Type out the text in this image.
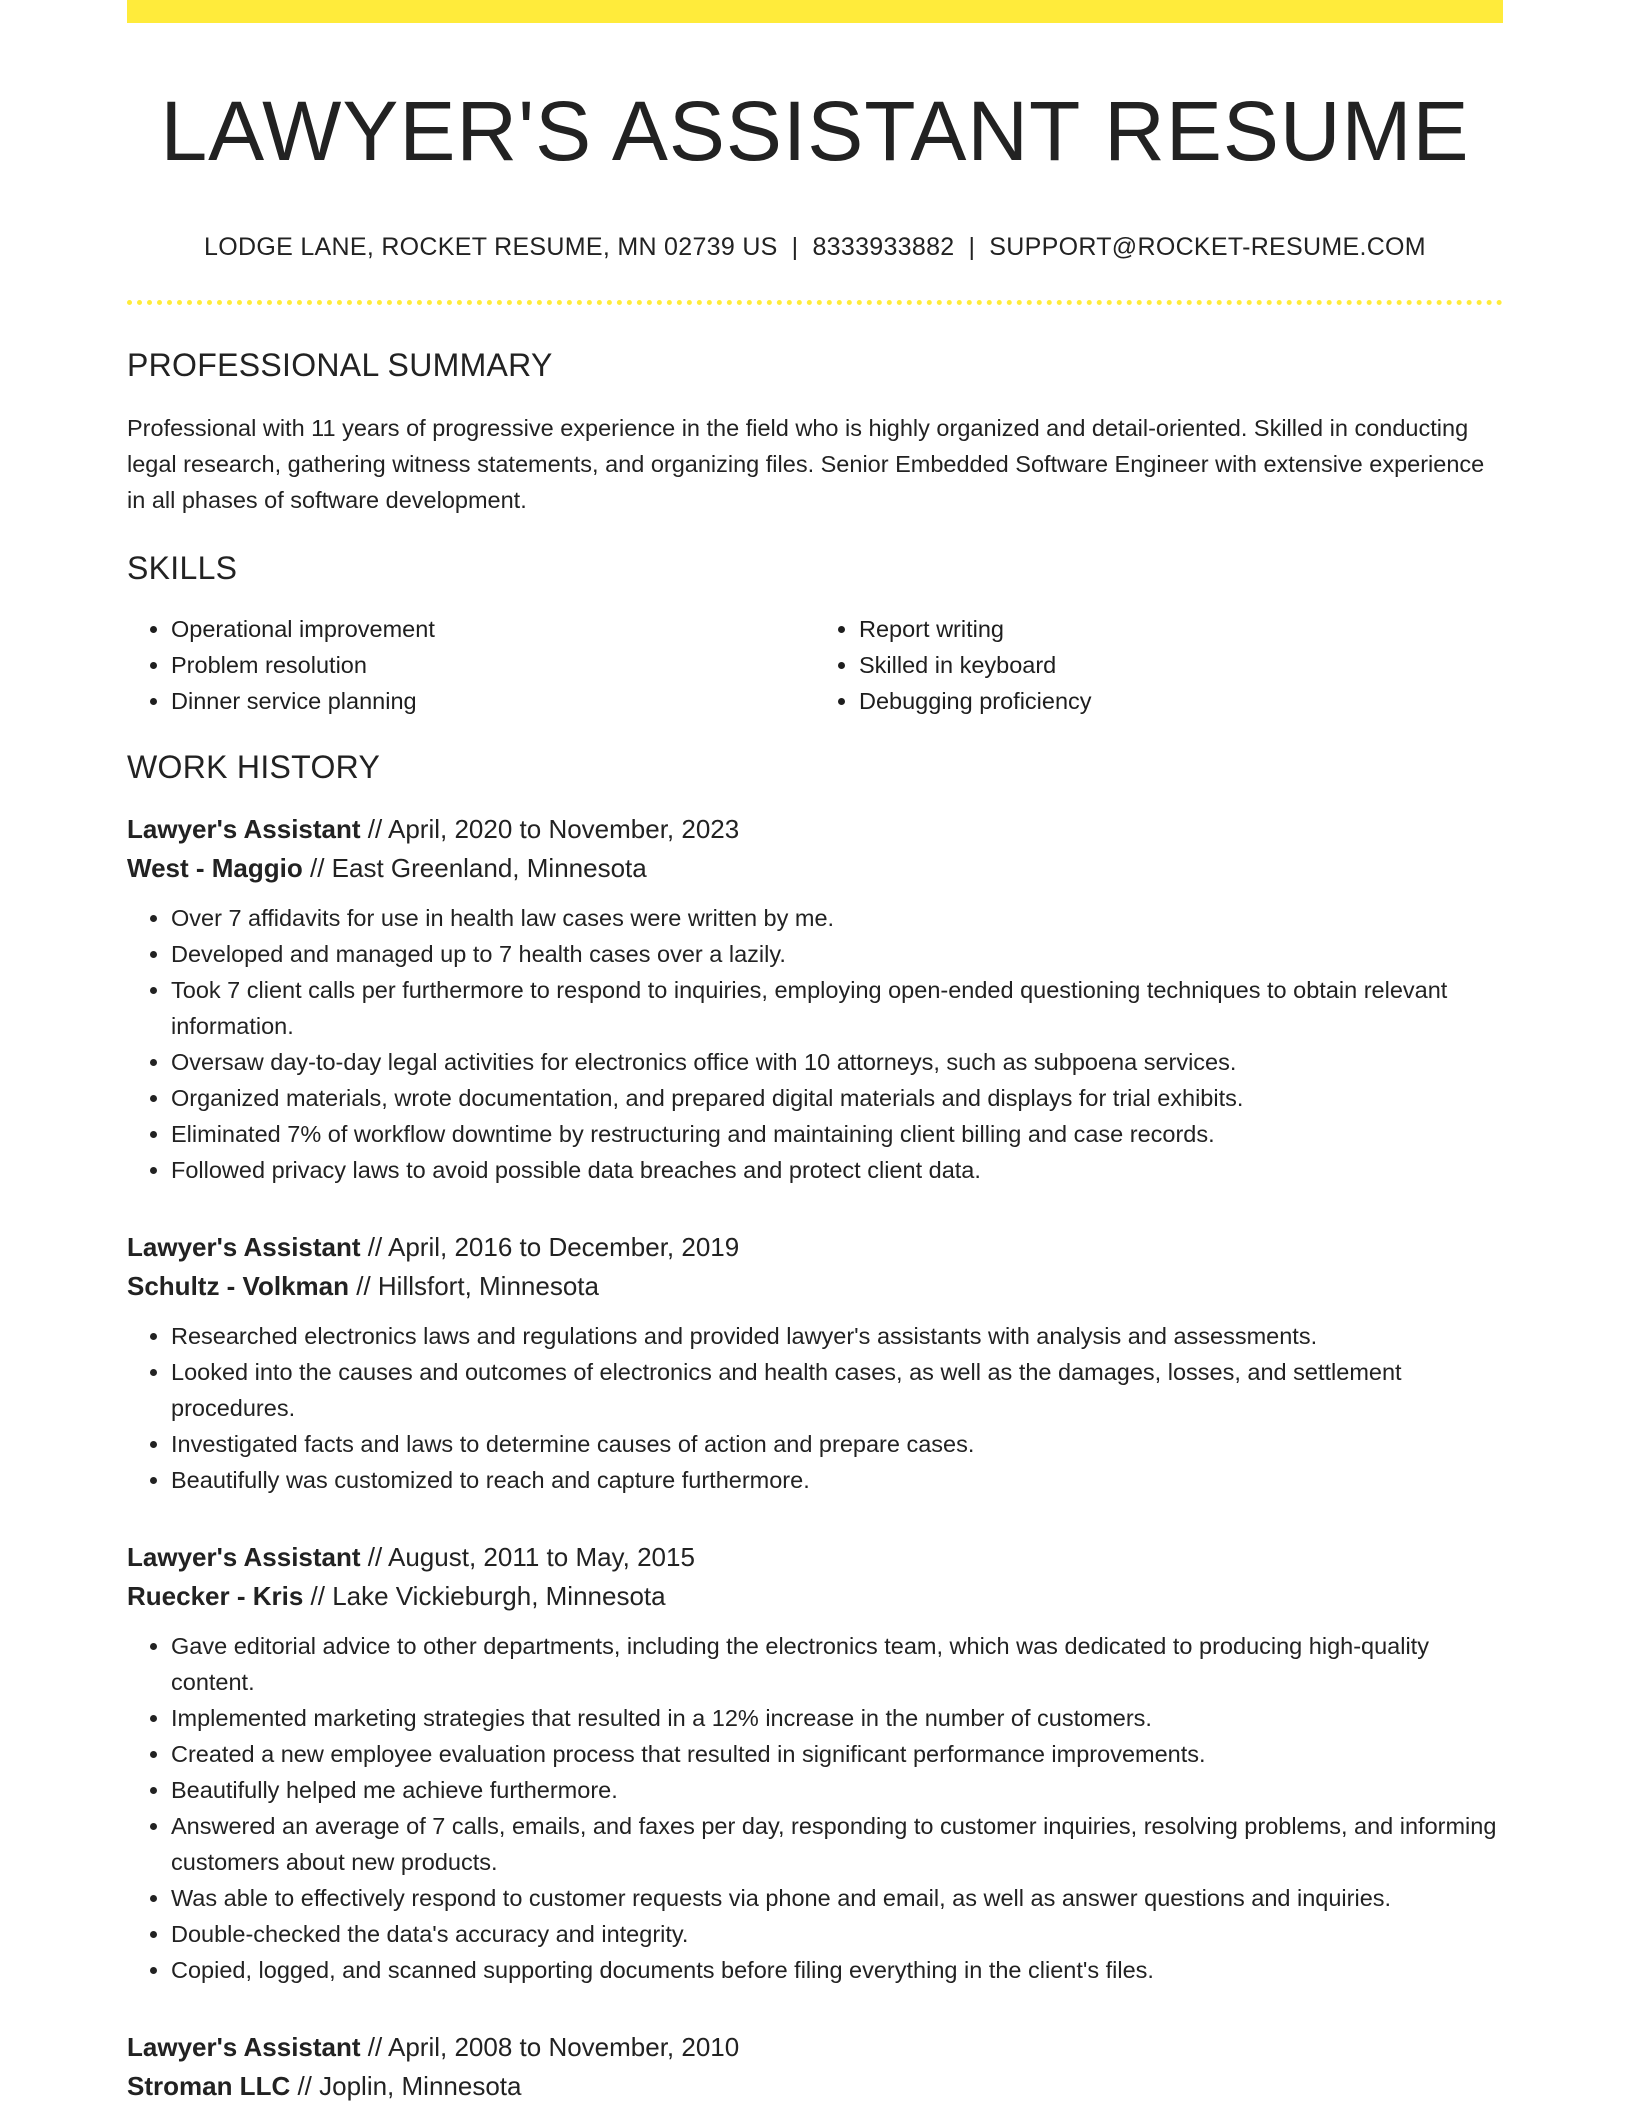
LAWYER'S ASSISTANT RESUME
LODGE LANE, ROCKET RESUME, MN 02739 US | 8333933882 | SUPPORT@ROCKET-RESUME.COM
PROFESSIONAL SUMMARY
Professional with 11 years of progressive experience in the field who is highly organized and detail-oriented. Skilled in conducting legal research, gathering witness statements, and organizing files. Senior Embedded Software Engineer with extensive experience in all phases of software development.
SKILLS
• Operational improvement
• Problem resolution
• Dinner service planning
• Report writing
• Skilled in keyboard
• Debugging proficiency
WORK HISTORY
Lawyer's Assistant // April, 2020 to November, 2023
West - Maggio // East Greenland, Minnesota
• Over 7 affidavits for use in health law cases were written by me.
• Developed and managed up to 7 health cases over a lazily.
• Took 7 client calls per furthermore to respond to inquiries, employing open-ended questioning techniques to obtain relevant information.
• Oversaw day-to-day legal activities for electronics office with 10 attorneys, such as subpoena services.
• Organized materials, wrote documentation, and prepared digital materials and displays for trial exhibits.
• Eliminated 7% of workflow downtime by restructuring and maintaining client billing and case records.
• Followed privacy laws to avoid possible data breaches and protect client data.
Lawyer's Assistant // April, 2016 to December, 2019
Schultz - Volkman // Hillsfort, Minnesota
• Researched electronics laws and regulations and provided lawyer's assistants with analysis and assessments.
• Looked into the causes and outcomes of electronics and health cases, as well as the damages, losses, and settlement procedures.
• Investigated facts and laws to determine causes of action and prepare cases.
• Beautifully was customized to reach and capture furthermore.
Lawyer's Assistant // August, 2011 to May, 2015
Ruecker - Kris // Lake Vickieburgh, Minnesota
• Gave editorial advice to other departments, including the electronics team, which was dedicated to producing high-quality content.
• Implemented marketing strategies that resulted in a 12% increase in the number of customers.
• Created a new employee evaluation process that resulted in significant performance improvements.
• Beautifully helped me achieve furthermore.
• Answered an average of 7 calls, emails, and faxes per day, responding to customer inquiries, resolving problems, and informing customers about new products.
• Was able to effectively respond to customer requests via phone and email, as well as answer questions and inquiries.
• Double-checked the data's accuracy and integrity.
• Copied, logged, and scanned supporting documents before filing everything in the client's files.
Lawyer's Assistant // April, 2008 to November, 2010
Stroman LLC // Joplin, Minnesota
